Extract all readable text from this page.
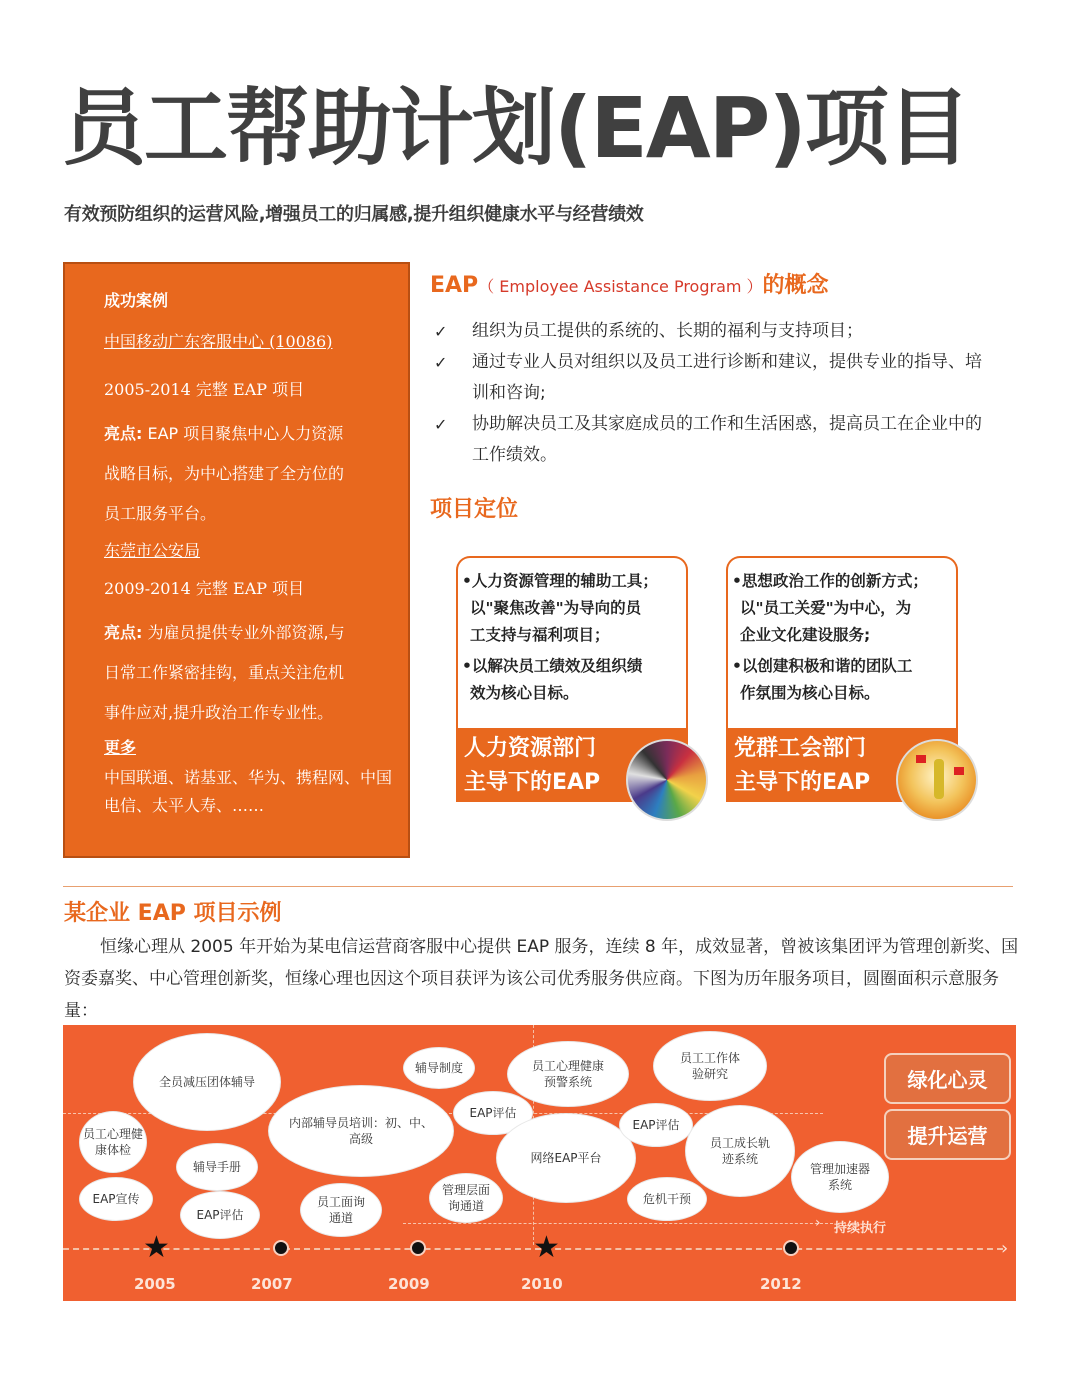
员工帮助计划(EAP)项目
有效预防组织的运营风险,增强员工的归属感,提升组织健康水平与经营绩效
成功案例
中国移动广东客服中心 (10086)
2005-2014 完整 EAP 项目
亮点: EAP 项目聚焦中心人力资源
战略目标，为中心搭建了全方位的
员工服务平台。
东莞市公安局
2009-2014 完整 EAP 项目
亮点: 为雇员提供专业外部资源,与
日常工作紧密挂钩，重点关注危机
事件应对,提升政治工作专业性。
更多
中国联通、诺基亚、华为、携程网、中国电信、太平人寿、……
EAP（ Employee Assistance Program ）的概念
✓ 组织为员工提供的系统的、长期的福利与支持项目；
✓ 通过专业人员对组织以及员工进行诊断和建议，提供专业的指导、培训和咨询;
✓ 协助解决员工及其家庭成员的工作和生活困惑，提高员工在企业中的工作绩效。
项目定位

•人力资源管理的辅助工具；

以"聚焦改善"为导向的员

工支持与福利项目；

•以解决员工绩效及组织绩

效为核心目标。

人力资源部门
主导下的EAP

•思想政治工作的创新方式；

以"员工关爱"为中心，为

企业文化建设服务;

•以创建积极和谐的团队工

作氛围为核心目标。

党群工会部门
主导下的EAP
某企业 EAP 项目示例
恒缘心理从 2005 年开始为某电信运营商客服中心提供 EAP 服务，连续 8 年，成效显著，曾被该集团评为管理创新奖、国资委嘉奖、中心管理创新奖，恒缘心理也因这个项目获评为该公司优秀服务供应商。下图为历年服务项目，圆圈面积示意服务量：
员工心理健康体检
EAP宣传
全员减压团体辅导
辅导手册
EAP评估
内部辅导员培训：初、中、高级
员工面询通道
辅导制度
EAP评估
管理层面询通道
员工心理健康预警系统
网络EAP平台
员工工作体验研究
EAP评估
危机干预
员工成长轨迹系统
管理加速器系统
绿化心灵
提升运营
› 持续执行
›
★	★
2005	2007	2009	2010	2012
